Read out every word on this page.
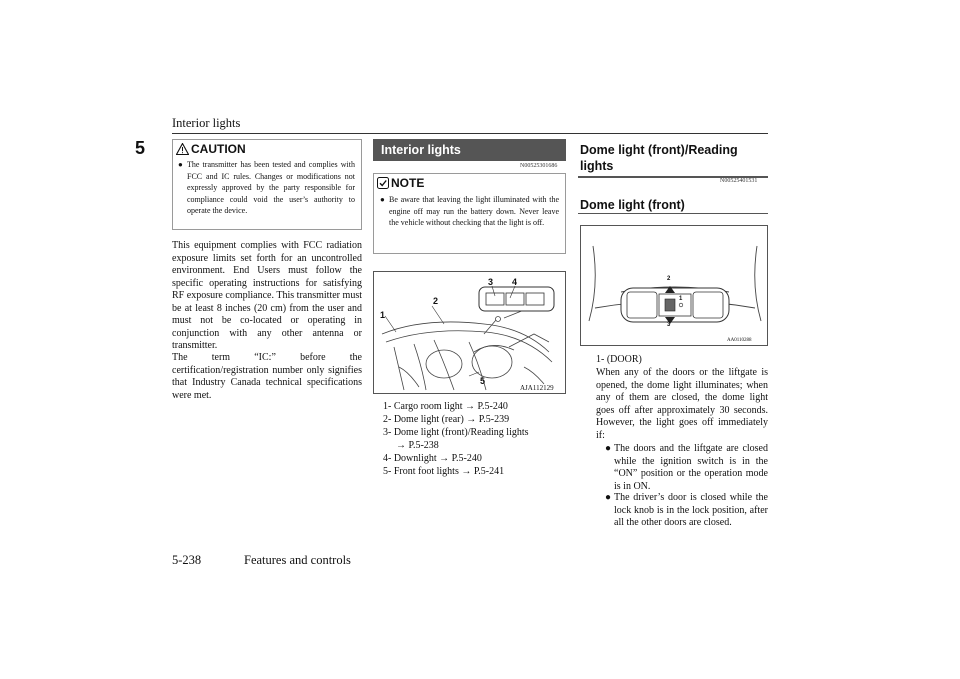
Interior lights
5	CAUTION
● The transmitter has been tested and complies with FCC and IC rules. Changes or modifications not expressly approved by the party responsible for compliance could void the user’s authority to operate the device.
This equipment complies with FCC radiation exposure limits set forth for an uncontrolled environment. End Users must follow the specific operating instructions for satisfying RF exposure compliance. This transmitter must be at least 8 inches (20 cm) from the user and must not be co-located or operating in conjunction with any other antenna or transmitter.
The term “IC:” before the certification/registration number only signifies that Industry Canada technical specifications were met.
Interior lights
N00525301686
NOTE
● Be aware that leaving the light illuminated with the engine off may run the battery down. Never leave the vehicle without checking that the light is off.
1
2
3 4
5
AJA112129
1- Cargo room light → P.5-240
2- Dome light (rear) → P.5-239
3- Dome light (front)/Reading lights
→ P.5-238
4- Downlight → P.5-240
5- Front foot lights → P.5-241
Dome light (front)/Reading lights
N00525401531
Dome light (front)
2
1
3
AA0110288
1- (DOOR)
When any of the doors or the liftgate is opened, the dome light illuminates; when any of them are closed, the dome light goes off after approximately 30 seconds. However, the light goes off immediately if:
● The doors and the liftgate are closed while the ignition switch is in the “ON” position or the operation mode is in ON.
● The driver’s door is closed while the lock knob is in the lock position, after all the other doors are closed.
5-238	Features and controls
